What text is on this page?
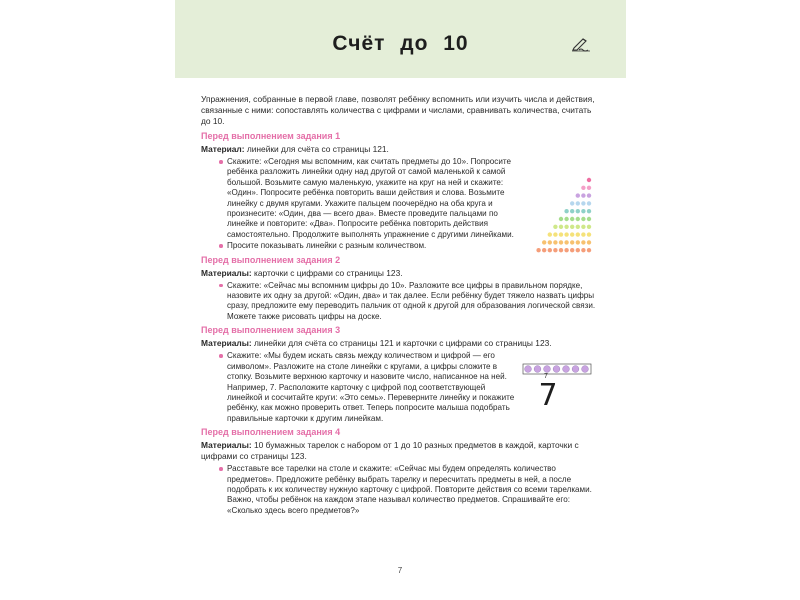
Счёт до 10

Упражнения, собранные в первой главе, позволят ребёнку вспомнить или изучить числа и действия, связанные с ними: сопоставлять количества с цифрами и числами, сравнивать количества, считать до 10.

Перед выполнением задания 1

Материал: линейки для счёта со страницы 121.

Скажите: «Сегодня мы вспомним, как считать предметы до 10». Попросите ребёнка разложить линейки одну над другой от самой маленькой к самой большой. Возьмите самую маленькую, укажите на круг на ней и скажите: «Один». Попросите ребёнка повторить ваши действия и слова. Возьмите линейку с двумя кругами. Укажите пальцем поочерёдно на оба круга и произнесите: «Один, два — всего два». Вместе проведите пальцами по линейке и повторите: «Два». Попросите ребёнка повторить действия самостоятельно. Продолжите выполнять упражнение с другими линейками.
Просите показывать линейки с разным количеством.
Перед выполнением задания 2

Материалы: карточки с цифрами со страницы 123.

Скажите: «Сейчас мы вспомним цифры до 10». Разложите все цифры в правильном порядке, назовите их одну за другой: «Один, два» и так далее. Если ребёнку будет тяжело назвать цифры сразу, предложите ему переводить пальчик от одной к другой для образования логической связи. Можете также рисовать цифры на доске.
Перед выполнением задания 3

Материалы: линейки для счёта со страницы 121 и карточки с цифрами со страницы 123.

Скажите: «Мы будем искать связь между количеством и цифрой — его символом». Разложите на столе линейки с кругами, а цифры сложите в стопку. Возьмите верхнюю карточку и назовите число, написанное на ней. Например, 7. Расположите карточку с цифрой под соответствующей линейкой и сосчитайте круги: «Это семь». Переверните линейку и покажите ребёнку, как можно проверить ответ. Теперь попросите малыша подобрать правильные карточки к другим линейкам.
Перед выполнением задания 4

Материалы: 10 бумажных тарелок с набором от 1 до 10 разных предметов в каждой, карточки с цифрами со страницы 123.

Расставьте все тарелки на столе и скажите: «Сейчас мы будем определять количество предметов». Предложите ребёнку выбрать тарелку и пересчитать предметы в ней, а после подобрать к их количеству нужную карточку с цифрой. Повторите действия со всеми тарелками. Важно, чтобы ребёнок на каждом этапе называл количество предметов. Спрашивайте его: «Сколько здесь всего предметов?»
7
7
7
